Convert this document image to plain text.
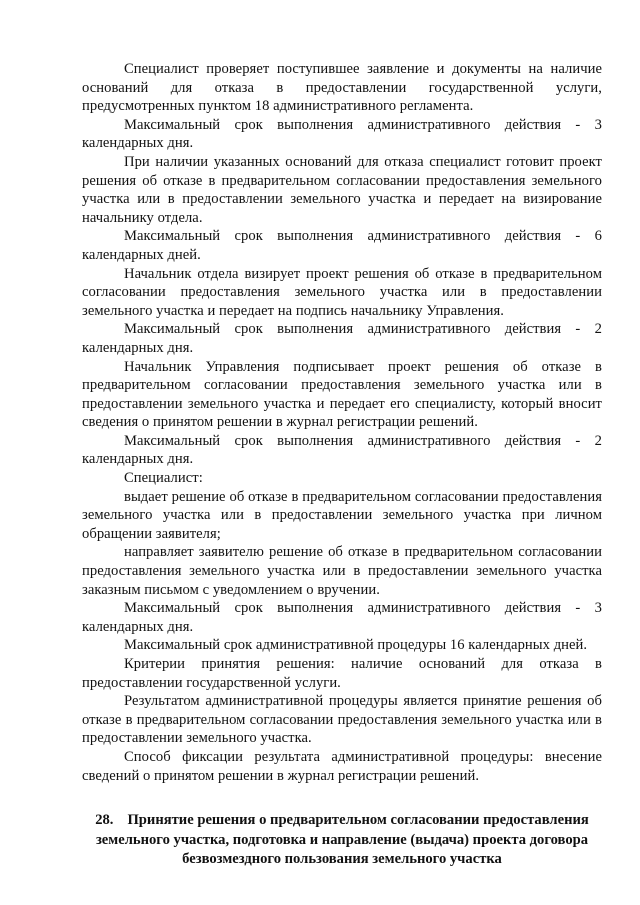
Специалист проверяет поступившее заявление и документы на наличие оснований для отказа в предоставлении государственной услуги, предусмотренных пунктом 18 административного регламента.

Максимальный срок выполнения административного действия - 3 календарных дня.

При наличии указанных оснований для отказа специалист готовит проект решения об отказе в предварительном согласовании предоставления земельного участка или в предоставлении земельного участка и передает на визирование начальнику отдела.

Максимальный срок выполнения административного действия - 6 календарных дней.

Начальник отдела визирует проект решения об отказе в предварительном согласовании предоставления земельного участка или в предоставлении земельного участка и передает на подпись начальнику Управления.

Максимальный срок выполнения административного действия - 2 календарных дня.

Начальник Управления подписывает проект решения об отказе в предварительном согласовании предоставления земельного участка или в предоставлении земельного участка и передает его специалисту, который вносит сведения о принятом решении в журнал регистрации решений.

Максимальный срок выполнения административного действия - 2 календарных дня.

Специалист:

выдает решение об отказе в предварительном согласовании предоставления земельного участка или в предоставлении земельного участка при личном обращении заявителя;

направляет заявителю решение об отказе в предварительном согласовании предоставления земельного участка или в предоставлении земельного участка заказным письмом с уведомлением о вручении.

Максимальный срок выполнения административного действия - 3 календарных дня.

Максимальный срок административной процедуры 16 календарных дней.

Критерии принятия решения: наличие оснований для отказа в предоставлении государственной услуги.

Результатом административной процедуры является принятие решения об отказе в предварительном согласовании предоставления земельного участка или в предоставлении земельного участка.

Способ фиксации результата административной процедуры: внесение сведений о принятом решении в журнал регистрации решений.

28. Принятие решения о предварительном согласовании предоставления земельного участка, подготовка и направление (выдача) проекта договора безвозмездного пользования земельного участка
